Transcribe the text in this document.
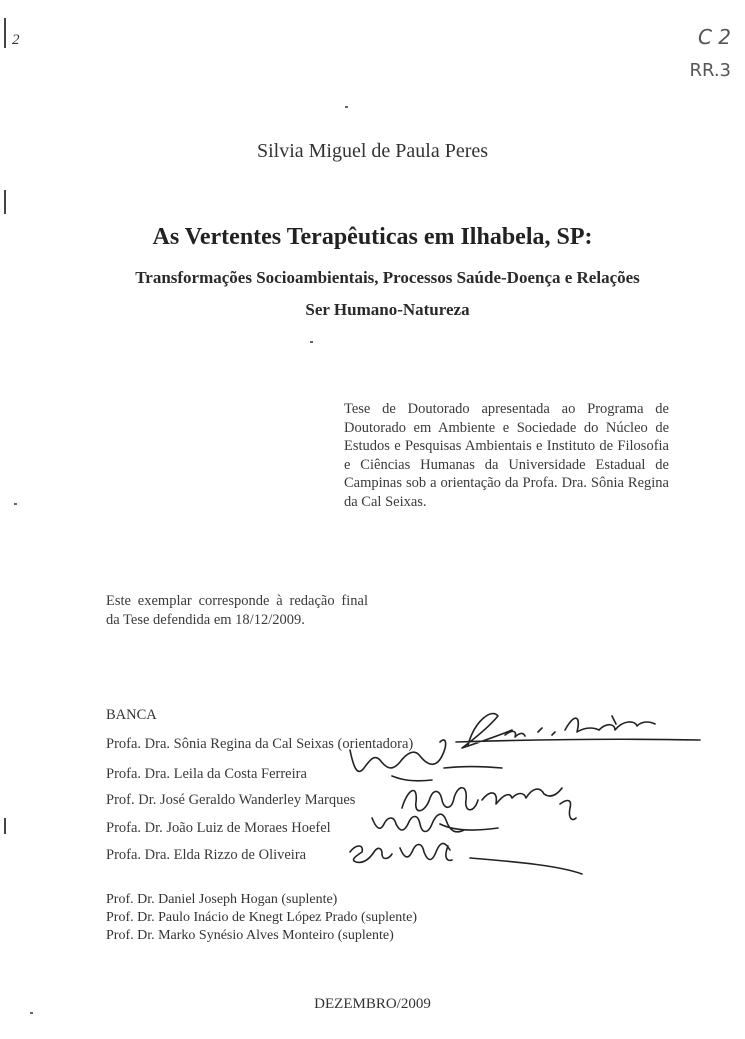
2	C 2
RR.3
Silvia Miguel de Paula Peres
As Vertentes Terapêuticas em Ilhabela, SP:
Transformações Socioambientais, Processos Saúde-Doença e Relações
Ser Humano-Natureza
Tese de Doutorado apresentada ao Programa de Doutorado em Ambiente e Sociedade do Núcleo de Estudos e Pesquisas Ambientais e Instituto de Filosofia e Ciências Humanas da Universidade Estadual de Campinas sob a orientação da Profa. Dra. Sônia Regina da Cal Seixas.
Este exemplar corresponde à redação final da Tese defendida em 18/12/2009.
BANCA
Profa. Dra. Sônia Regina da Cal Seixas (orientadora)
Profa. Dra. Leila da Costa Ferreira
Prof. Dr. José Geraldo Wanderley Marques
Profa. Dr. João Luiz de Moraes Hoefel
Profa. Dra. Elda Rizzo de Oliveira
Prof. Dr. Daniel Joseph Hogan (suplente)
Prof. Dr. Paulo Inácio de Knegt López Prado (suplente)
Prof. Dr. Marko Synésio Alves Monteiro (suplente)
DEZEMBRO/2009
